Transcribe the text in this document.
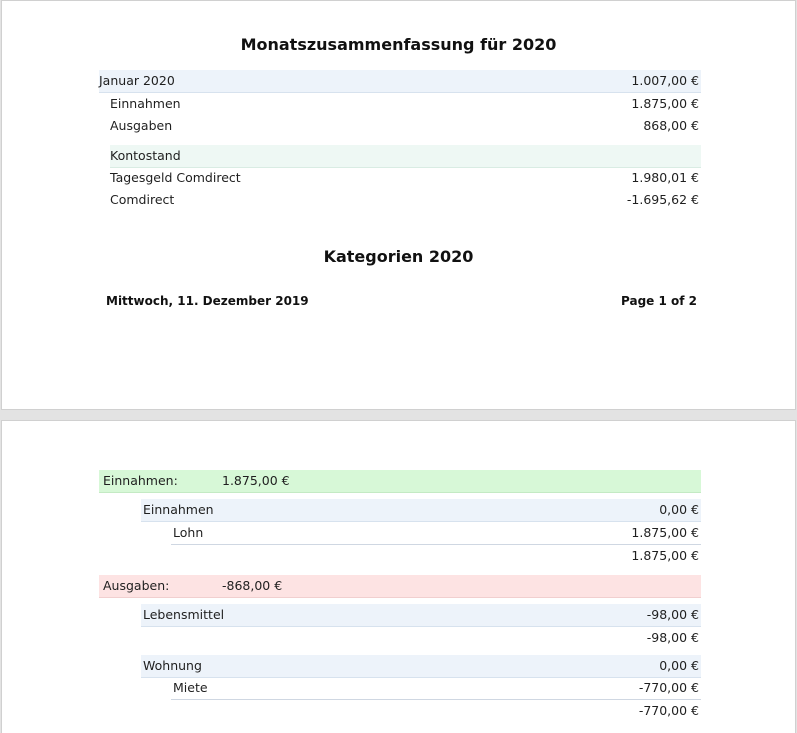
Monatszusammenfassung für 2020
Januar 2020	1.007,00 €
Einnahmen	1.875,00 €
Ausgaben	868,00 €
Kontostand
Tagesgeld Comdirect	1.980,01 €
Comdirect	-1.695,62 €
Kategorien 2020
Mittwoch, 11. Dezember 2019	Page 1 of 2
Einnahmen:	1.875,00 €
Einnahmen	0,00 €
Lohn	1.875,00 €
1.875,00 €
Ausgaben:	-868,00 €
Lebensmittel	-98,00 €
-98,00 €
Wohnung	0,00 €
Miete	-770,00 €
-770,00 €
